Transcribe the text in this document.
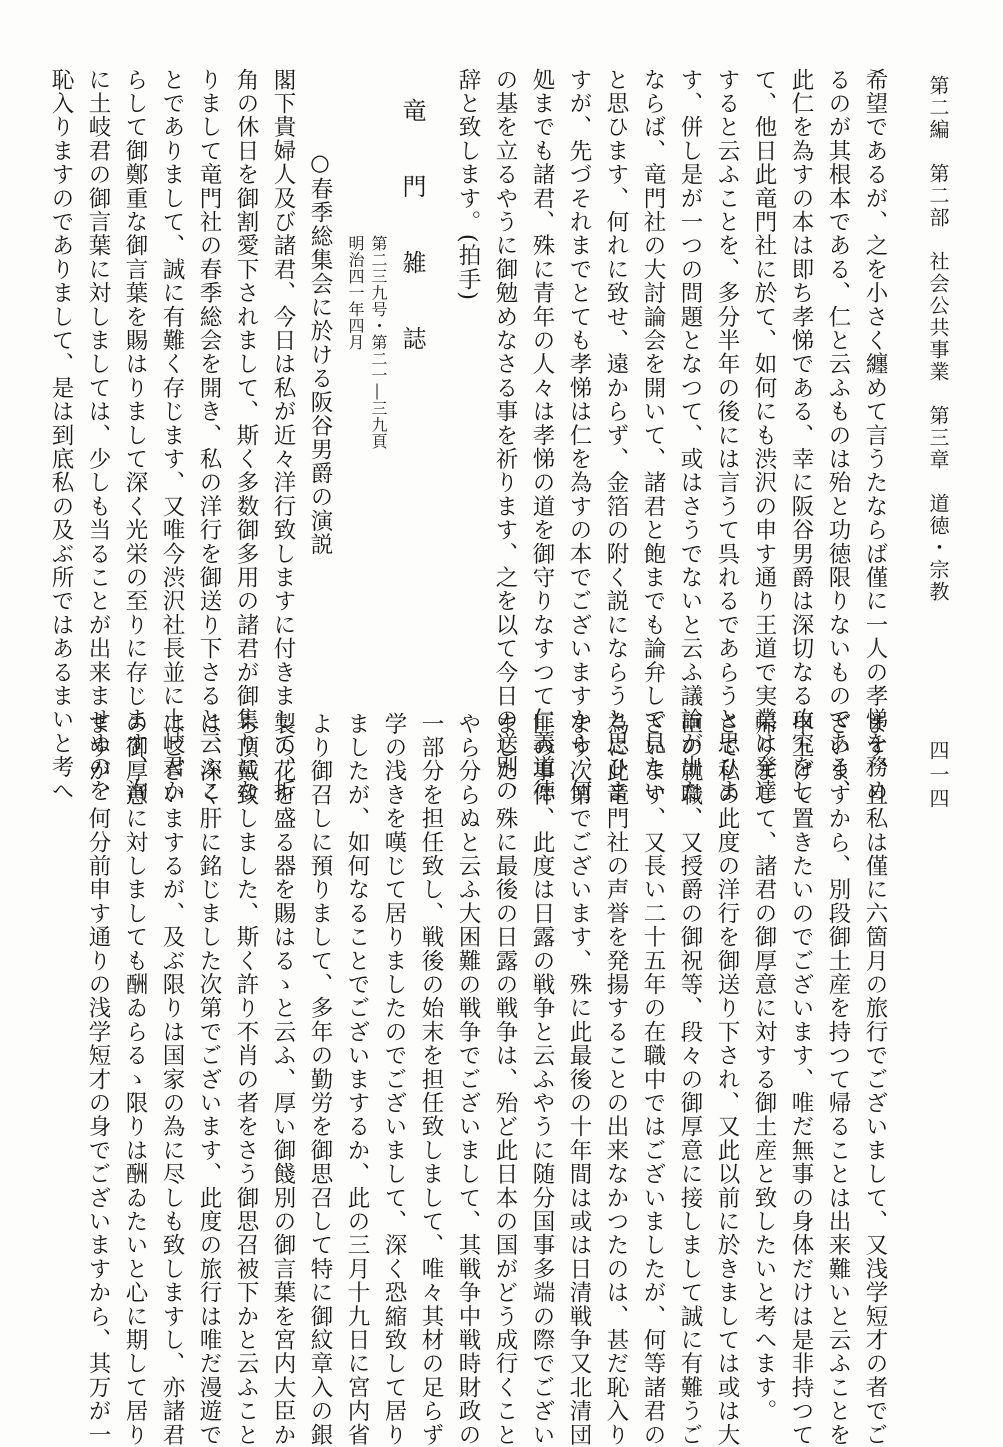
第二編　第二部　社会公共事業　第三章　道徳・宗教
四一四
希望であるが、之を小さく纏めて言うたならば僅に一人の孝悌を務め
るのが其根本である、仁と云ふものは殆と功徳限りないものである、
此仁を為すの本は即ち孝悌である、幸に阪谷男爵は深切なる攻究をし
て、他日此竜門社に於て、如何にも渋沢の申す通り王道で実業は発達
すると云ふことを、多分半年の後には言うて呉れるであらうと思ひま
す、併し是が一つの問題となつて、或はさうでないと云ふ議論が出た
ならば、竜門社の大討論会を開いて、諸君と飽までも論弁して見たい
と思ひます、何れに致せ、遠からず、金箔の附く説にならうと思ひま
すが、先づそれまでとても孝悌は仁を為すの本でございますから、何
処までも諸君、殊に青年の人々は孝悌の道を御守りなすつて仁義道徳
の基を立るやうに御勉めなさる事を祈ります、之を以て今日の送別の
辞と致します。(拍手)
竜　門　雑　誌
第二三九号・第二一―三九頁
明治四一年四月
○春季総集会に於ける阪谷男爵の演説
閣下貴婦人及び諸君、今日は私が近々洋行致しますに付きまして、折
角の休日を御割愛下されまして、斯く多数御多用の諸君が御集りにな
りまして竜門社の春季総会を開き、私の洋行を御送り下さると云ふこ
とでありまして、誠に有難く存じます、又唯今渋沢社長並に土岐君か
らして御鄭重な御言葉を賜はりまして深く光栄の至りに存じます、洵
に土岐君の御言葉に対しましては、少しも当ることが出来ませぬのを
恥入りますのでありまして、是は到底私の及ぶ所ではあるまいと考へ
ます、且私は僅に六箇月の旅行でございまして、又浅学短才の者でご
ざいますから、別段御土産を持つて帰ることは出来難いと云ふことを
申上げて置きたいのでございます、唯だ無事の身体だけは是非持つて
帰りまして、諸君の御厚意に対する御土産と致したいと考へます。
さて私の此度の洋行を御送り下され、又此以前に於きましては或は大
臣の就職、又授爵の御祝等、段々の御厚意に接しまして誠に有難うご
ざいます、又長い二十五年の在職中ではございましたが、何等諸君の
為に此竜門社の声誉を発揚することの出来なかつたのは、甚だ恥入り
ます次第でございます、殊に此最後の十年間は或は日清戦争又北清団
匪の事件、此度は日露の戦争と云ふやうに随分国事多端の際でござい
ました、殊に最後の日露の戦争は、殆ど此日本の国がどう成行くこと
やら分らぬと云ふ大困難の戦争でございまして、其戦争中戦時財政の
一部分を担任致し、戦後の始末を担任致しまして、唯々其材の足らず
学の浅きを嘆じて居りましたのでございまして、深く恐縮致して居り
ましたが、如何なることでございまするか、此の三月十九日に宮内省
より御召しに預りまして、多年の勤労を御思召して特に御紋章入の銀
製の花を盛る器を賜はるゝと云ふ、厚い御餞別の御言葉を宮内大臣か
ら頂戴致しました、斯く許り不肖の者をさう御思召被下かと云ふこと
は、深く肝に銘じました次第でございます、此度の旅行は唯だ漫遊で
はございまするが、及ぶ限りは国家の為に尽しも致しますし、亦諸君
の御厚意に対しましても酬ゐらるゝ限りは酬ゐたいと心に期して居り
ますが、何分前申す通りの浅学短才の身でございますから、其万が一
